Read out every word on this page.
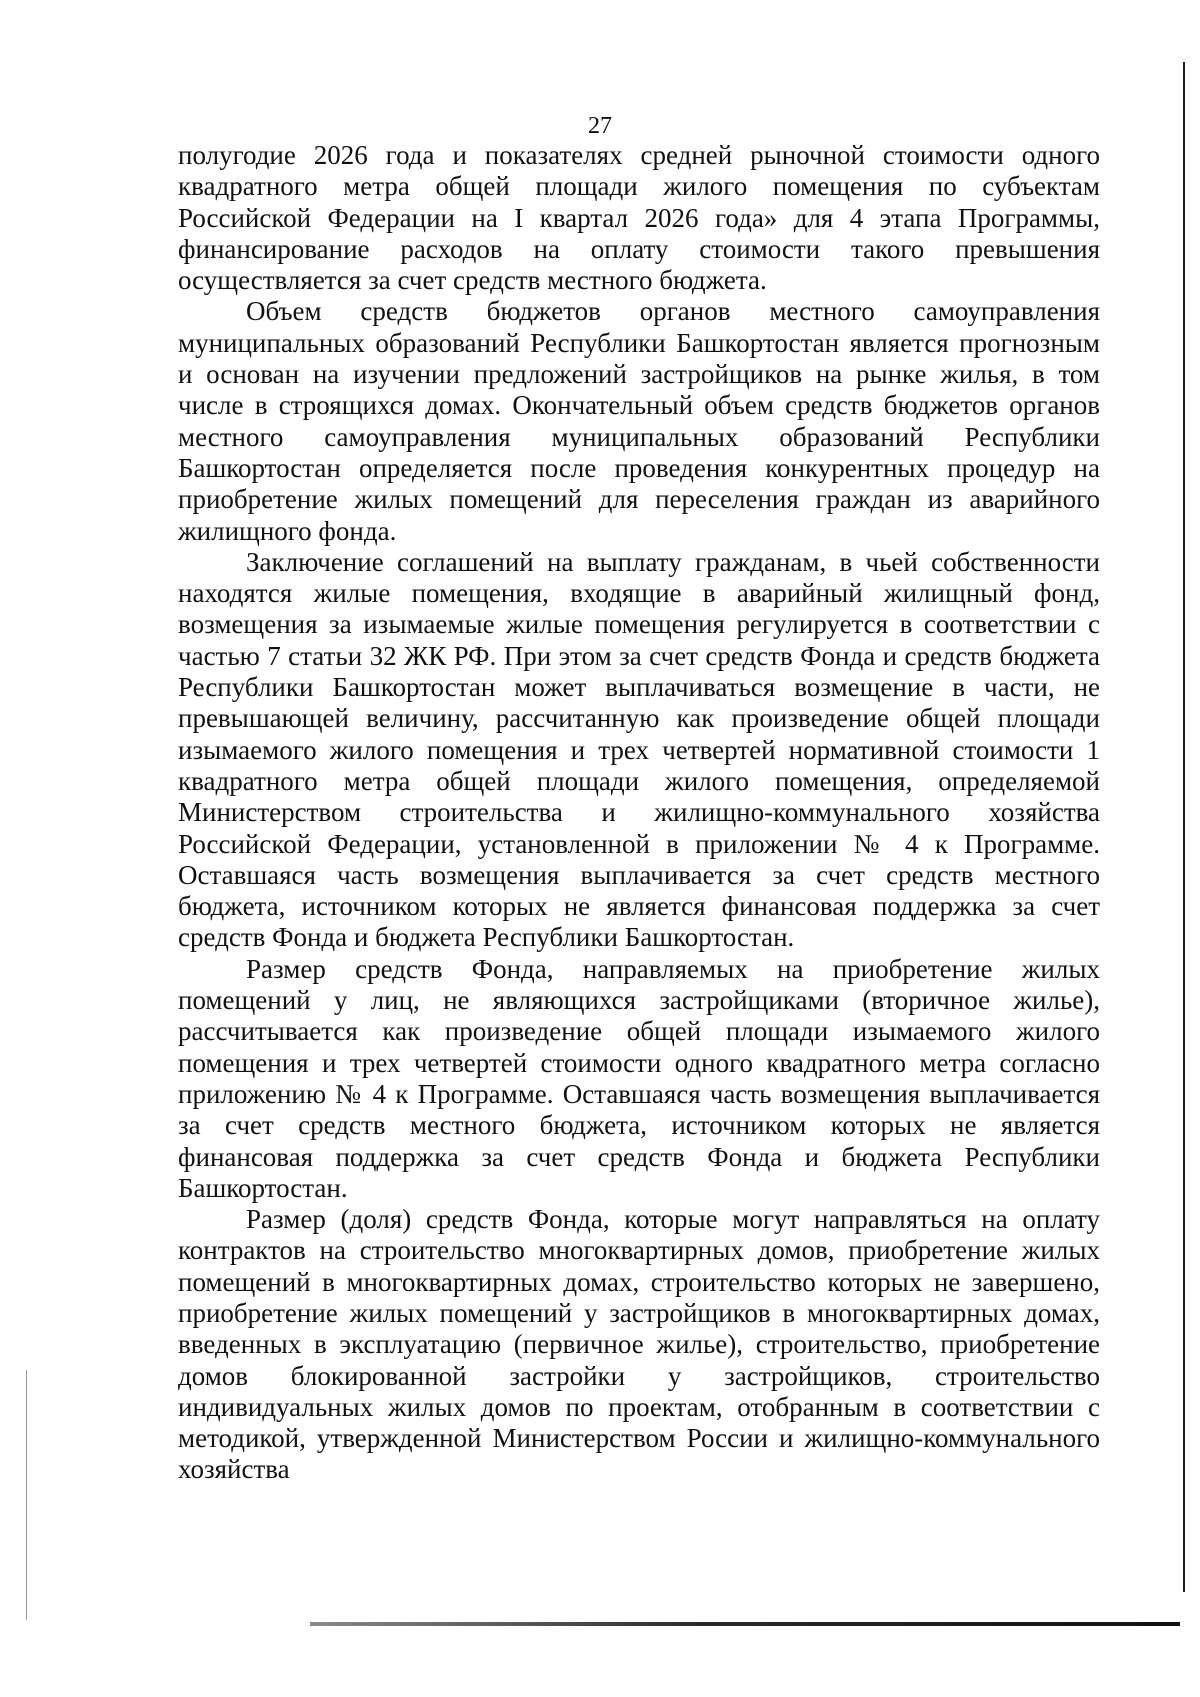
27

полугодие 2026 года и показателях средней рыночной стоимости одного квадратного метра общей площади жилого помещения по субъектам Российской Федерации на I квартал 2026 года» для 4 этапа Программы, финансирование расходов на оплату стоимости такого превышения осуществляется за счет средств местного бюджета.

Объем средств бюджетов органов местного самоуправления муниципальных образований Республики Башкортостан является прогнозным и основан на изучении предложений застройщиков на рынке жилья, в том числе в строящихся домах. Окончательный объем средств бюджетов органов местного самоуправления муниципальных образований Республики Башкортостан определяется после проведения конкурентных процедур на приобретение жилых помещений для переселения граждан из аварийного жилищного фонда.

Заключение соглашений на выплату гражданам, в чьей собственности находятся жилые помещения, входящие в аварийный жилищный фонд, возмещения за изымаемые жилые помещения регулируется в соответствии с частью 7 статьи 32 ЖК РФ. При этом за счет средств Фонда и средств бюджета Республики Башкортостан может выплачиваться возмещение в части, не превышающей величину, рассчитанную как произведение общей площади изымаемого жилого помещения и трех четвертей нормативной стоимости 1 квадратного метра общей площади жилого помещения, определяемой Министерством строительства и жилищно-коммунального хозяйства Российской Федерации, установленной в приложении № 4 к Программе. Оставшаяся часть возмещения выплачивается за счет средств местного бюджета, источником которых не является финансовая поддержка за счет средств Фонда и бюджета Республики Башкортостан.

Размер средств Фонда, направляемых на приобретение жилых помещений у лиц, не являющихся застройщиками (вторичное жилье), рассчитывается как произведение общей площади изымаемого жилого помещения и трех четвертей стоимости одного квадратного метра согласно приложению № 4 к Программе. Оставшаяся часть возмещения выплачивается за счет средств местного бюджета, источником которых не является финансовая поддержка за счет средств Фонда и бюджета Республики Башкортостан.

Размер (доля) средств Фонда, которые могут направляться на оплату контрактов на строительство многоквартирных домов, приобретение жилых помещений в многоквартирных домах, строительство которых не завершено, приобретение жилых помещений у застройщиков в многоквартирных домах, введенных в эксплуатацию (первичное жилье), строительство, приобретение домов блокированной застройки у застройщиков, строительство индивидуальных жилых домов по проектам, отобранным в соответствии с методикой, утвержденной Министерством России и жилищно-коммунального хозяйства
